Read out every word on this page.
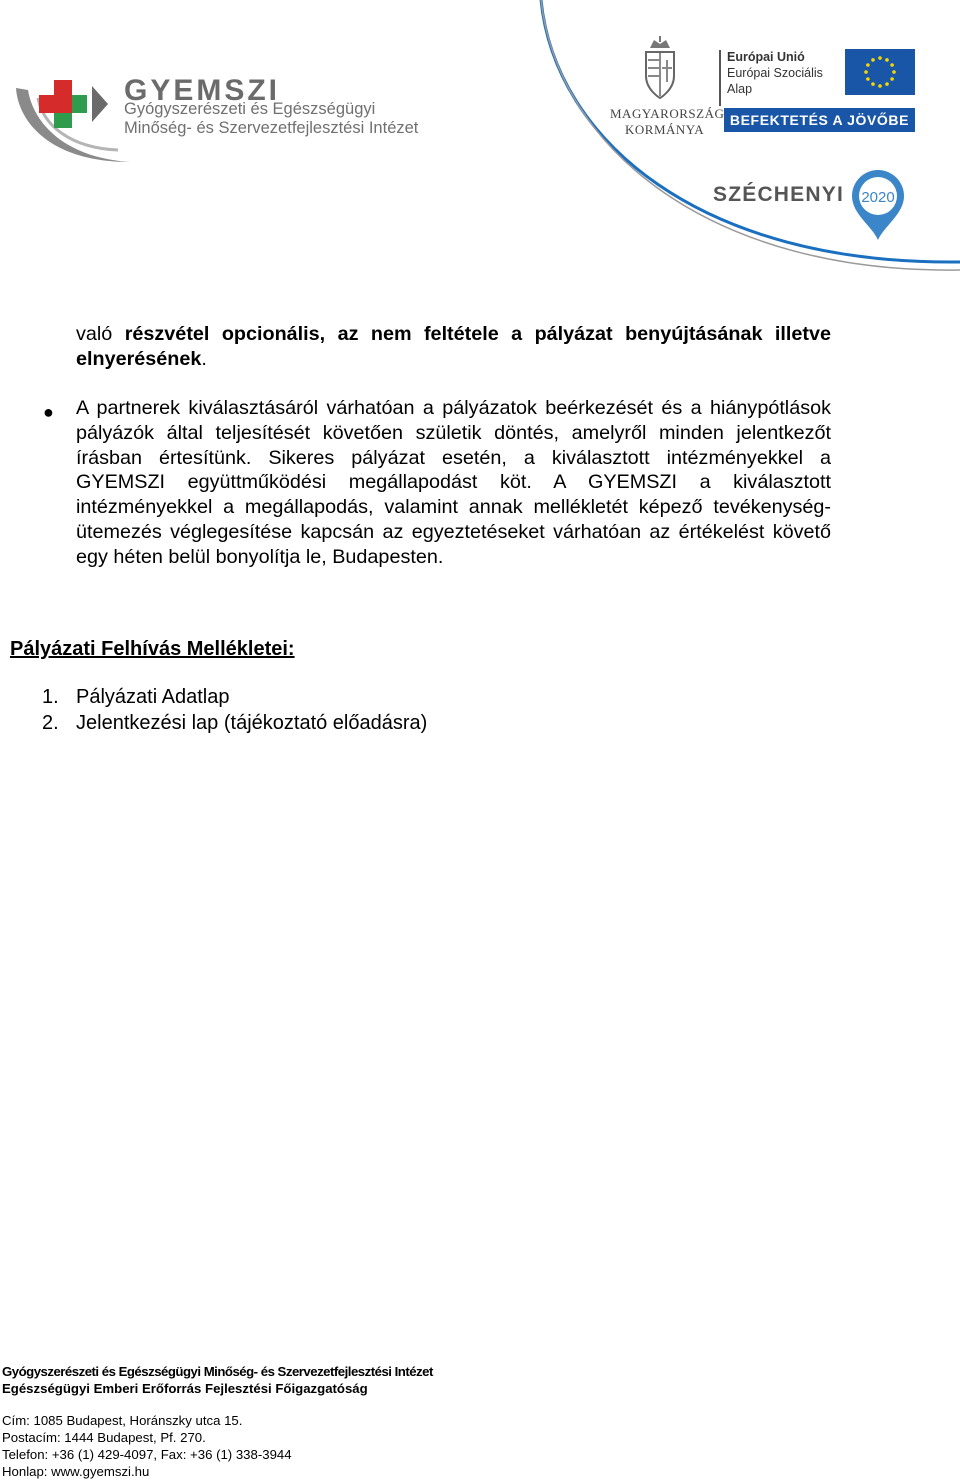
GYEMSZI
Gyógyszerészeti és Egészségügyi
Minőség- és Szervezetfejlesztési Intézet
MAGYARORSZÁG
KORMÁNYA
Európai Unió
Európai Szociális
Alap
BEFEKTETÉS A JÖVŐBE
SZÉCHENYI 2020

való részvétel opcionális, az nem feltétele a pályázat benyújtásának illetve elnyerésének.

● A partnerek kiválasztásáról várhatóan a pályázatok beérkezését és a hiánypótlások pályázók által teljesítését követően születik döntés, amelyről minden jelentkezőt írásban értesítünk. Sikeres pályázat esetén, a kiválasztott intézményekkel a GYEMSZI együttműködési megállapodást köt. A GYEMSZI a kiválasztott intézményekkel a megállapodás, valamint annak mellékletét képező tevékenység-ütemezés véglegesítése kapcsán az egyeztetéseket várhatóan az értékelést követő egy héten belül bonyolítja le, Budapesten.

Pályázati Felhívás Mellékletei:

1. Pályázati Adatlap
2. Jelentkezési lap (tájékoztató előadásra)
Gyógyszerészeti és Egészségügyi Minőség- és Szervezetfejlesztési Intézet
Egészségügyi Emberi Erőforrás Fejlesztési Főigazgatóság
Cím: 1085 Budapest, Horánszky utca 15.
Postacím: 1444 Budapest, Pf. 270.
Telefon: +36 (1) 429-4097, Fax: +36 (1) 338-3944
Honlap: www.gyemszi.hu
